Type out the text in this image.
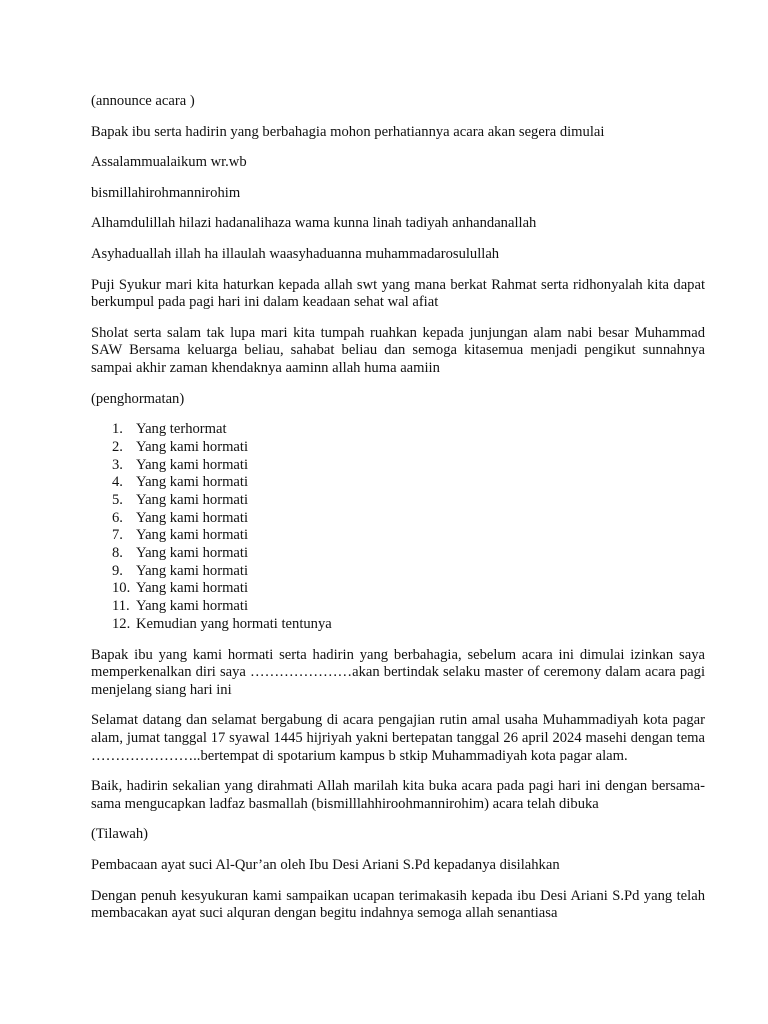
(announce acara )

Bapak ibu serta hadirin yang berbahagia mohon perhatiannya acara akan segera dimulai

Assalammualaikum wr.wb

bismillahirohmannirohim

Alhamdulillah hilazi hadanalihaza wama kunna linah tadiyah anhandanallah

Asyhaduallah illah ha illaulah waasyhaduanna muhammadarosulullah

Puji Syukur mari kita haturkan kepada allah swt yang mana berkat Rahmat serta ridhonyalah kita dapat berkumpul pada pagi hari ini dalam keadaan sehat wal afiat

Sholat serta salam tak lupa mari kita tumpah ruahkan kepada junjungan alam nabi besar Muhammad SAW Bersama keluarga beliau, sahabat beliau dan semoga kitasemua menjadi pengikut sunnahnya sampai akhir zaman khendaknya aaminn allah huma aamiin

(penghormatan)

1. Yang terhormat
2. Yang kami hormati
3. Yang kami hormati
4. Yang kami hormati
5. Yang kami hormati
6. Yang kami hormati
7. Yang kami hormati
8. Yang kami hormati
9. Yang kami hormati
10. Yang kami hormati
11. Yang kami hormati
12. Kemudian yang hormati tentunya

Bapak ibu yang kami hormati serta hadirin yang berbahagia, sebelum acara ini dimulai izinkan saya memperkenalkan diri saya …………………akan bertindak selaku master of ceremony dalam acara pagi menjelang siang hari ini

Selamat datang dan selamat bergabung di acara pengajian rutin amal usaha Muhammadiyah kota pagar alam, jumat tanggal 17 syawal 1445 hijriyah yakni bertepatan tanggal 26 april 2024 masehi dengan tema …………………..bertempat di spotarium kampus b stkip Muhammadiyah kota pagar alam.

Baik, hadirin sekalian yang dirahmati Allah marilah kita buka acara pada pagi hari ini dengan bersama-sama mengucapkan ladfaz basmallah (bismilllahhiroohmannirohim) acara telah dibuka

(Tilawah)

Pembacaan ayat suci Al-Qur’an oleh Ibu Desi Ariani S.Pd kepadanya disilahkan

Dengan penuh kesyukuran kami sampaikan ucapan terimakasih kepada ibu Desi Ariani S.Pd yang telah membacakan ayat suci alquran dengan begitu indahnya semoga allah senantiasa
